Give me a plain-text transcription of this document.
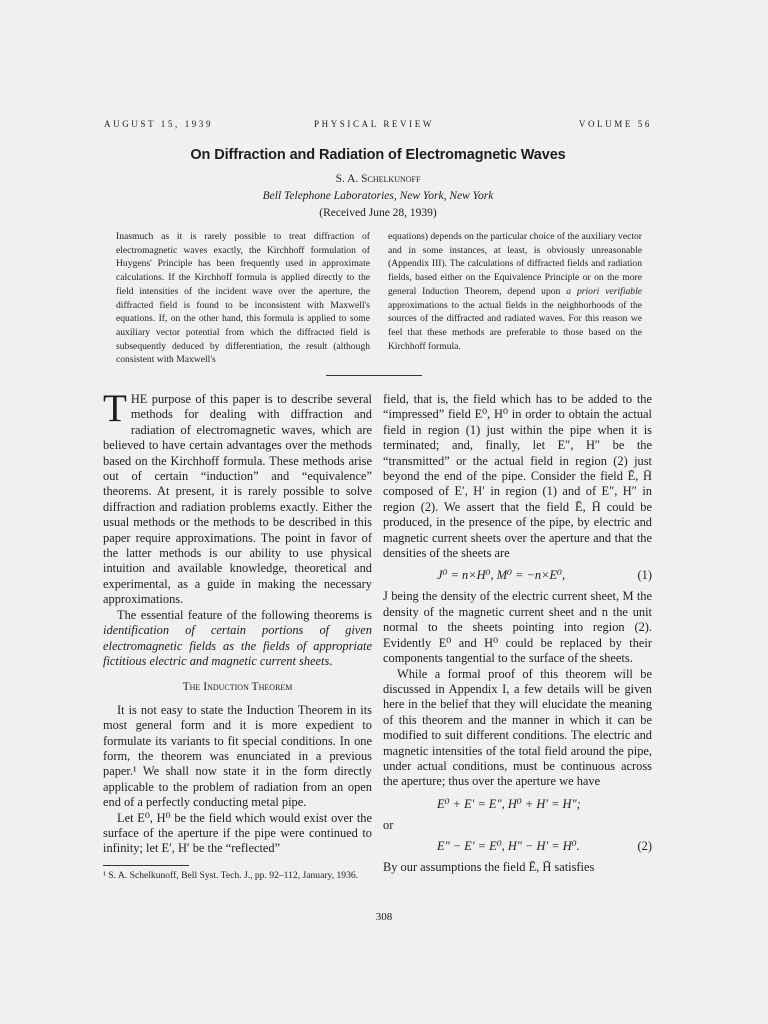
AUGUST 15, 1939	PHYSICAL REVIEW	VOLUME 56
On Diffraction and Radiation of Electromagnetic Waves
S. A. Schelkunoff
Bell Telephone Laboratories, New York, New York
(Received June 28, 1939)

Inasmuch as it is rarely possible to treat diffraction of electromagnetic waves exactly, the Kirchhoff formulation of Huygens' Principle has been frequently used in approximate calculations. If the Kirchhoff formula is applied directly to the field intensities of the incident wave over the aperture, the diffracted field is found to be inconsistent with Maxwell's equations. If, on the other hand, this formula is applied to some auxiliary vector potential from which the diffracted field is subsequently deduced by differentiation, the result (although consistent with Maxwell's

equations) depends on the particular choice of the auxiliary vector and in some instances, at least, is obviously unreasonable (Appendix III). The calculations of diffracted fields and radiation fields, based either on the Equivalence Principle or on the more general Induction Theorem, depend upon a priori verifiable approximations to the actual fields in the neighborhoods of the sources of the diffracted and radiated waves. For this reason we feel that these methods are preferable to those based on the Kirchhoff formula.

THE purpose of this paper is to describe several methods for dealing with diffraction and radiation of electromagnetic waves, which are believed to have certain advantages over the methods based on the Kirchhoff formula. These methods arise out of certain “induction” and “equivalence” theorems. At present, it is rarely possible to solve diffraction and radiation problems exactly. Either the usual methods or the methods to be described in this paper require approximations. The point in favor of the latter methods is our ability to use physical intuition and available knowledge, theoretical and experimental, as a guide in making the necessary approximations.

The essential feature of the following theorems is identification of certain portions of given electromagnetic fields as the fields of appropriate fictitious electric and magnetic current sheets.

The Induction Theorem

It is not easy to state the Induction Theorem in its most general form and it is more expedient to formulate its variants to fit special conditions. In one form, the theorem was enunciated in a previous paper.¹ We shall now state it in the form directly applicable to the problem of radiation from an open end of a perfectly conducting metal pipe.

Let E⁰, H⁰ be the field which would exist over the surface of the aperture if the pipe were continued to infinity; let E′, H′ be the “reflected”

¹ S. A. Schelkunoff, Bell Syst. Tech. J., pp. 92–112, January, 1936.

field, that is, the field which has to be added to the “impressed” field E⁰, H⁰ in order to obtain the actual field in region (1) just within the pipe when it is terminated; and, finally, let E″, H″ be the “transmitted” or the actual field in region (2) just beyond the end of the pipe. Consider the field Ē, H̄ composed of E′, H′ in region (1) and of E″, H″ in region (2). We assert that the field Ē, H̄ could be produced, in the presence of the pipe, by electric and magnetic current sheets over the aperture and that the densities of the sheets are

J⁰ = n×H⁰, M⁰ = −n×E⁰,	(1)

J being the density of the electric current sheet, M the density of the magnetic current sheet and n the unit normal to the sheets pointing into region (2). Evidently E⁰ and H⁰ could be replaced by their components tangential to the surface of the sheets.

While a formal proof of this theorem will be discussed in Appendix I, a few details will be given here in the belief that they will elucidate the meaning of this theorem and the manner in which it can be modified to suit different conditions. The electric and magnetic intensities of the total field around the pipe, under actual conditions, must be continuous across the aperture; thus over the aperture we have

E⁰ + E′ = E″, H⁰ + H′ = H″;
or
E″ − E′ = E⁰, H″ − H′ = H⁰.	(2)

By our assumptions the field Ē, H̄ satisfies

308
